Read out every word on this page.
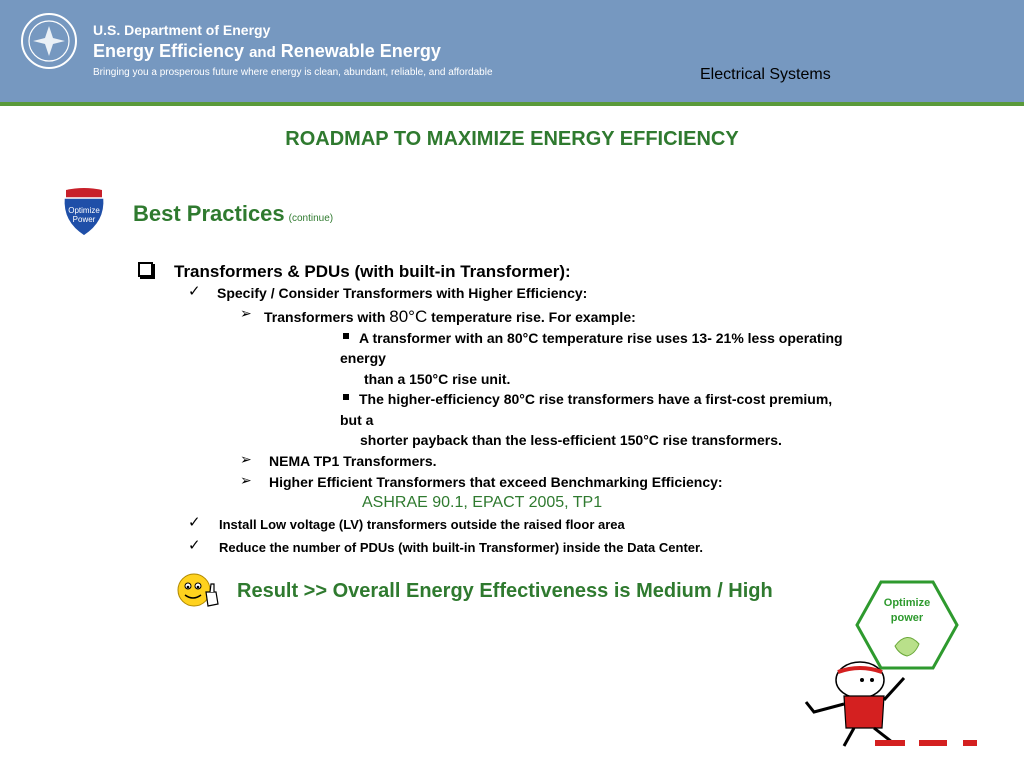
U.S. Department of Energy
Energy Efficiency and Renewable Energy
Bringing you a prosperous future where energy is clean, abundant, reliable, and affordable	Electrical Systems
ROADMAP TO MAXIMIZE ENERGY EFFICIENCY
Optimize
Power Best Practices (continue)
Transformers & PDUs (with built-in Transformer):
✓ Specify / Consider Transformers with Higher Efficiency:
➢ Transformers with 80°C temperature rise. For example:
A transformer with an 80°C temperature rise uses 13- 21% less operating
energy
than a 150°C rise unit.
The higher-efficiency 80°C rise transformers have a first-cost premium,
but a
shorter payback than the less-efficient 150°C rise transformers.
➢ NEMA TP1 Transformers.
➢ Higher Efficient Transformers that exceed Benchmarking Efficiency:
ASHRAE 90.1, EPACT 2005, TP1
✓ Install Low voltage (LV) transformers outside the raised floor area
✓ Reduce the number of PDUs (with built-in Transformer) inside the Data Center.
Result >> Overall Energy Effectiveness is Medium / High
Optimize
power
